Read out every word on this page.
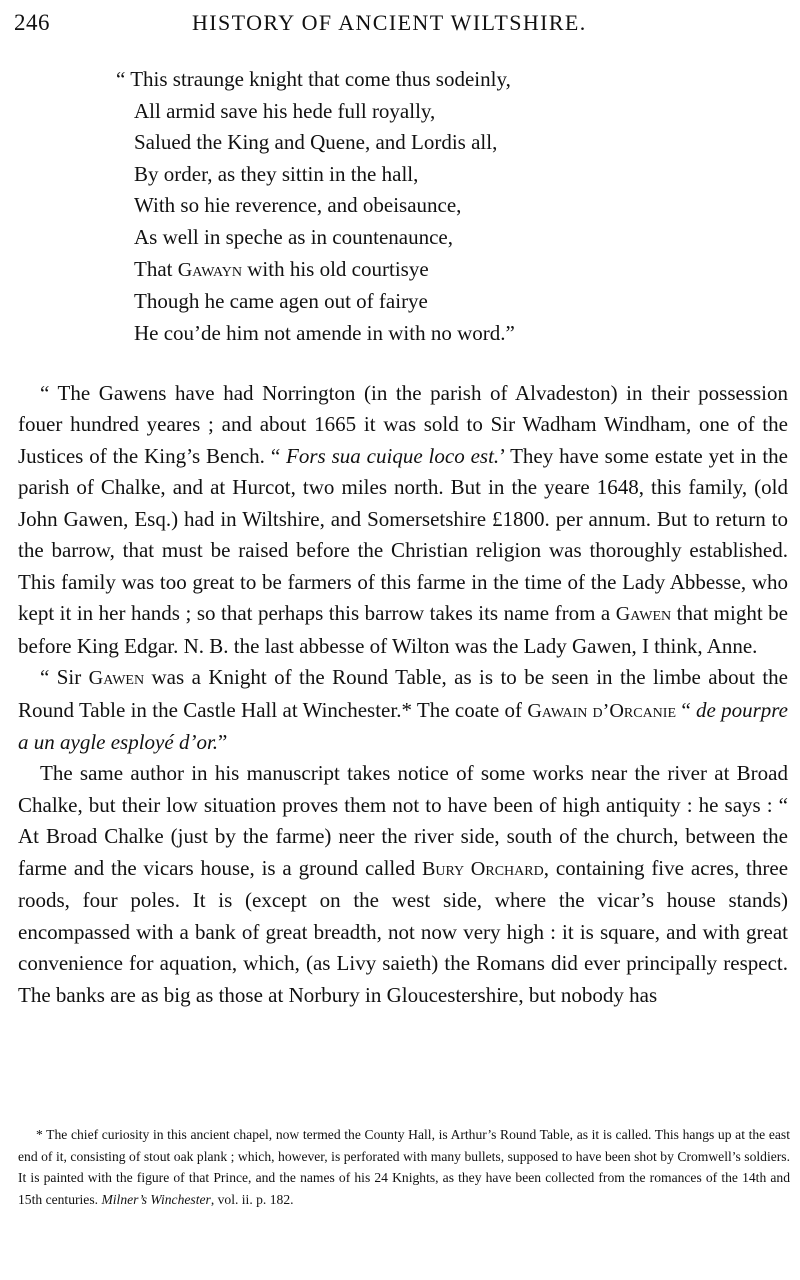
246	HISTORY OF ANCIENT WILTSHIRE.
“ This straunge knight that come thus sodeinly,
All armid save his hede full royally,
Salued the King and Quene, and Lordis all,
By order, as they sittin in the hall,
With so hie reverence, and obeisaunce,
As well in speche as in countenaunce,
That Gawayn with his old courtisye
Though he came agen out of fairye
He cou’de him not amende in with no word.”

“ The Gawens have had Norrington (in the parish of Alvadeston) in their possession fouer hundred yeares ; and about 1665 it was sold to Sir Wadham Windham, one of the Justices of the King’s Bench. “ Fors sua cuique loco est.’ They have some estate yet in the parish of Chalke, and at Hurcot, two miles north. But in the yeare 1648, this family, (old John Gawen, Esq.) had in Wiltshire, and Somersetshire £1800. per annum. But to return to the barrow, that must be raised before the Christian religion was thoroughly established. This family was too great to be farmers of this farme in the time of the Lady Abbesse, who kept it in her hands ; so that perhaps this barrow takes its name from a Gawen that might be before King Edgar. N. B. the last abbesse of Wilton was the Lady Gawen, I think, Anne.

“ Sir Gawen was a Knight of the Round Table, as is to be seen in the limbe about the Round Table in the Castle Hall at Winchester.* The coate of Gawain d’Orcanie “ de pourpre a un aygle esployé d’or.”

The same author in his manuscript takes notice of some works near the river at Broad Chalke, but their low situation proves them not to have been of high antiquity : he says : “ At Broad Chalke (just by the farme) neer the river side, south of the church, between the farme and the vicars house, is a ground called Bury Orchard, containing five acres, three roods, four poles. It is (except on the west side, where the vicar’s house stands) encompassed with a bank of great breadth, not now very high : it is square, and with great convenience for aquation, which, (as Livy saieth) the Romans did ever principally respect. The banks are as big as those at Norbury in Gloucestershire, but nobody has

* The chief curiosity in this ancient chapel, now termed the County Hall, is Arthur’s Round Table, as it is called. This hangs up at the east end of it, consisting of stout oak plank ; which, however, is perforated with many bullets, supposed to have been shot by Cromwell’s soldiers. It is painted with the figure of that Prince, and the names of his 24 Knights, as they have been collected from the romances of the 14th and 15th centuries. Milner’s Winchester, vol. ii. p. 182.
